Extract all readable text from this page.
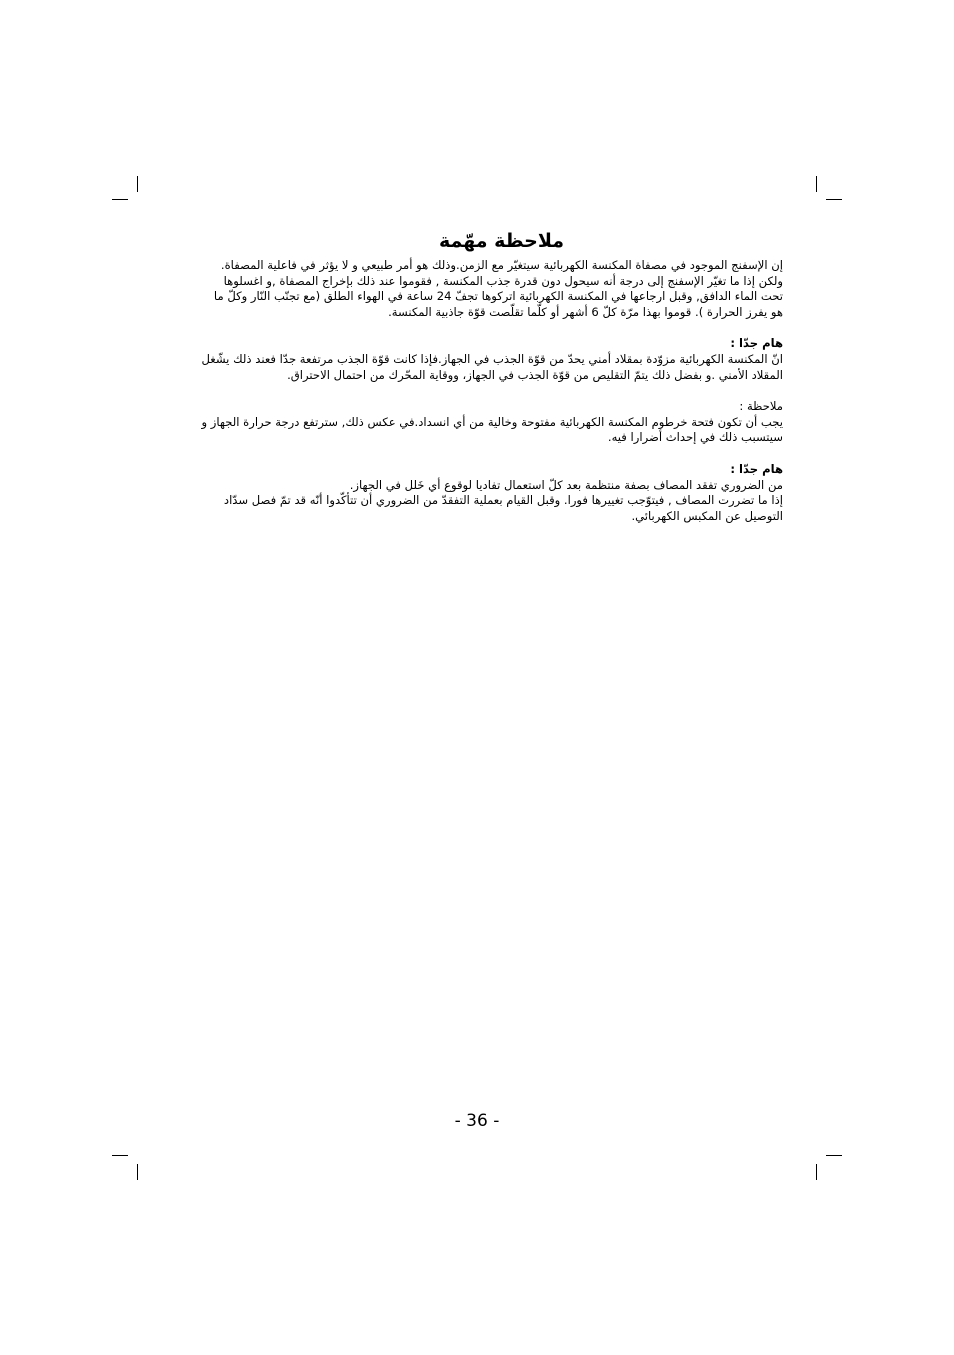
ملاحظة مهّمة
إن الإسفنج الموجود في مصفاة المكنسة الكهربائية سيتغيّر مع الزمن.وذلك هو أمر طبيعي و لا يؤثر في فاعلية المصفاة.
ولكن إذا ما تغيّر الإسفنج إلى درجة أنه سيحول دون قدرة جذب المكنسة , فقوموا عند ذلك بإخراج المصفاة ,و اغسلوها
تحت الماء الدافق, وقبل ارجاعها في المكنسة الكهربائية اتركوها تجفّ 24 ساعة في الهواء الطلق (مع تجنّب النّار وكلّ ما
هو يفرز الحرارة ). قوموا بهذا مرّة كلّ 6 أشهر أو كلّما تقلّصت قوّة جاذبية المكنسة.
هام جدّا :
انّ المكنسة الكهربائية مزوّدة بمقلاد أمني يحدّ من قوّة الجذب في الجهاز.فإذا كانت قوّة الجذب مرتفعة جدّا فعند ذلك يشّغل
المقلاد الأمني .و بفضل ذلك يتمّ التقليص من قوّة الجذب في الجهاز، ووقاية المحّرك من احتمال الاحتراق.
ملاحظة :
يجب أن تكون فتحة خرطوم المكنسة الكهربائية مفتوحة وخالية من أي انسداد.في عكس ذلك, سترتفع درجة حرارة الجهاز و
سيتسبب ذلك في إحداث أضرارا فيه.
هام جدّا :
من الضروري تفقد المصاف بصفة منتظمة بعد كلّ استعمال تفاديا لوقوع أي خَلل في الجهاز.
إذا ما تضررت المصاف , فيتوّجب تغييرها فورا. وقبل القيام بعملية التفقدّ من الضروري أن تتأكّدوا أنّه قد تمّ فصل سدّاد
التوصيل عن المكبس الكهربائي.
- 36 -
